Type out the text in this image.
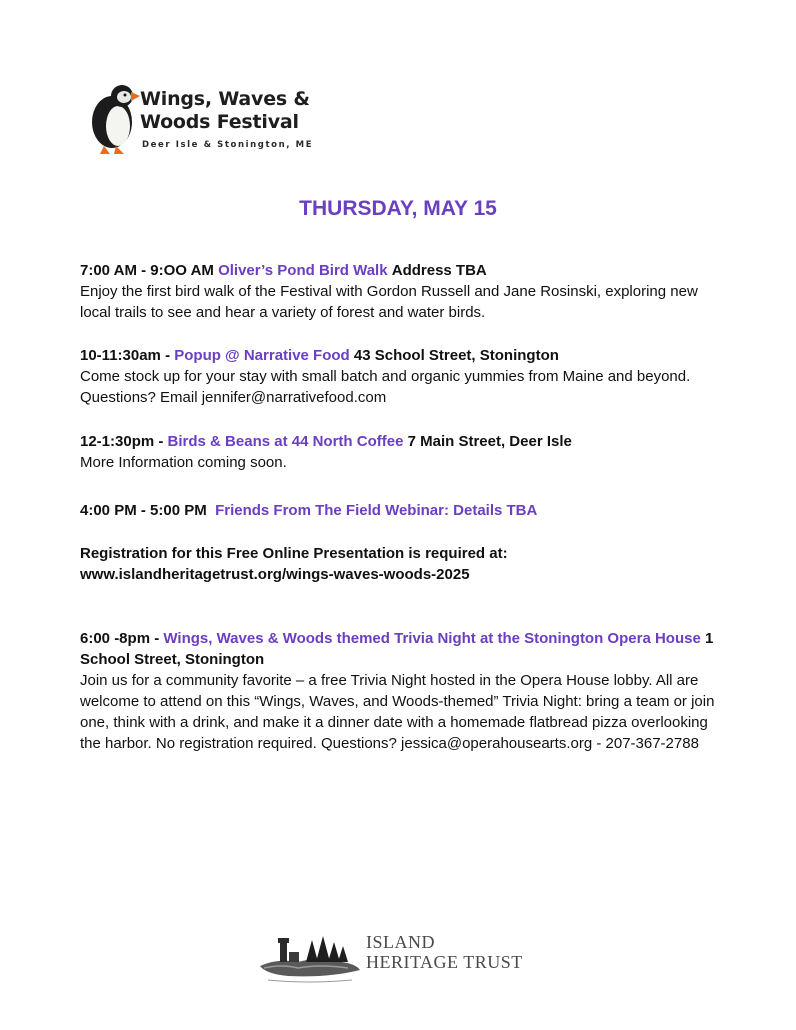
Wings, Waves &
Woods Festival
Deer Isle & Stonington, ME
THURSDAY, MAY 15
7:00 AM - 9:OO AM Oliver’s Pond Bird Walk Address TBA
Enjoy the first bird walk of the Festival with Gordon Russell and Jane Rosinski, exploring new local trails to see and hear a variety of forest and water birds.
10-11:30am - Popup @ Narrative Food 43 School Street, Stonington
Come stock up for your stay with small batch and organic yummies from Maine and beyond. Questions? Email jennifer@narrativefood.com
12-1:30pm - Birds & Beans at 44 North Coffee 7 Main Street, Deer Isle
More Information coming soon.
4:00 PM - 5:00 PM Friends From The Field Webinar: Details TBA
Registration for this Free Online Presentation is required at:
www.islandheritagetrust.org/wings-waves-woods-2025
6:00 -8pm - Wings, Waves & Woods themed Trivia Night at the Stonington Opera House 1 School Street, Stonington
Join us for a community favorite – a free Trivia Night hosted in the Opera House lobby. All are welcome to attend on this “Wings, Waves, and Woods-themed” Trivia Night: bring a team or join one, think with a drink, and make it a dinner date with a homemade flatbread pizza overlooking the harbor. No registration required. Questions? jessica@operahousearts.org - 207-367-2788
ISLAND
HERITAGE TRUST
